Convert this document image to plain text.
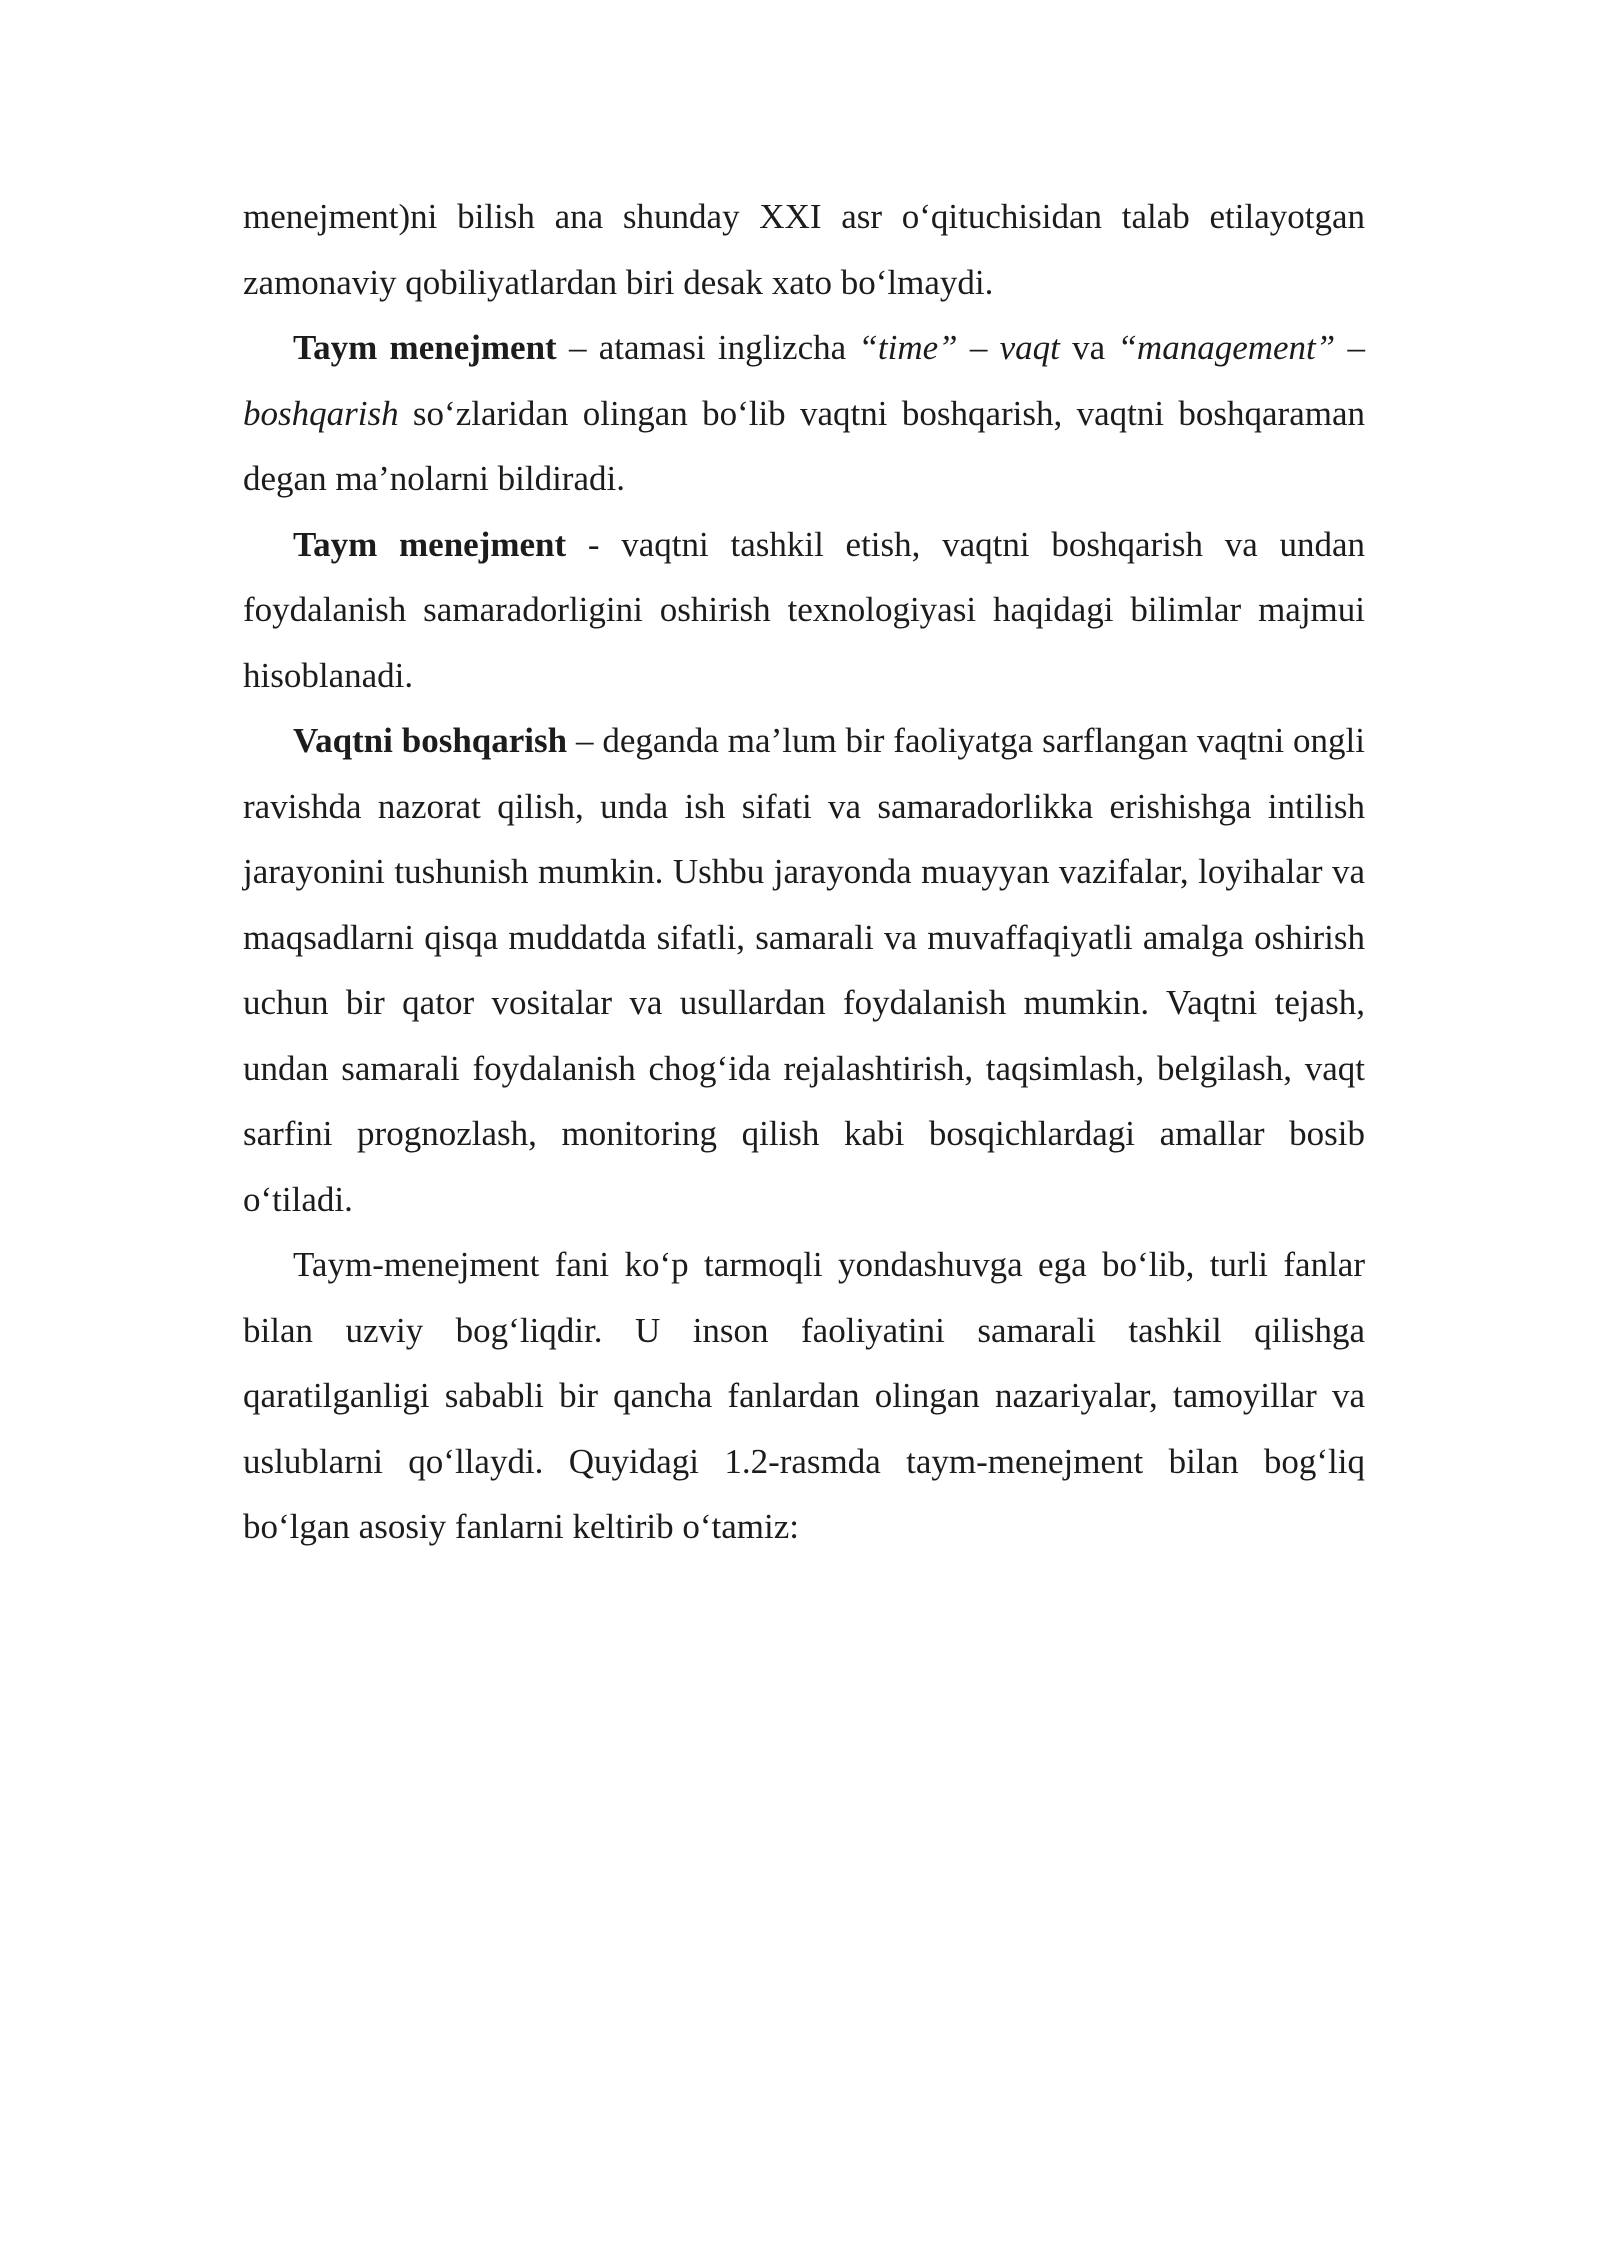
menejment)ni bilish ana shunday XXI asr o‘qituchisidan talab etilayotgan zamonaviy qobiliyatlardan biri desak xato bo‘lmaydi.

Taym menejment – atamasi inglizcha “time” – vaqt va “management” – boshqarish so‘zlaridan olingan bo‘lib vaqtni boshqarish, vaqtni boshqaraman degan ma’nolarni bildiradi.

Taym menejment - vaqtni tashkil etish, vaqtni boshqarish va undan foydalanish samaradorligini oshirish texnologiyasi haqidagi bilimlar majmui hisoblanadi.

Vaqtni boshqarish – deganda ma’lum bir faoliyatga sarflangan vaqtni ongli ravishda nazorat qilish, unda ish sifati va samaradorlikka erishishga intilish jarayonini tushunish mumkin. Ushbu jarayonda muayyan vazifalar, loyihalar va maqsadlarni qisqa muddatda sifatli, samarali va muvaffaqiyatli amalga oshirish uchun bir qator vositalar va usullardan foydalanish mumkin. Vaqtni tejash, undan samarali foydalanish chog‘ida rejalashtirish, taqsimlash, belgilash, vaqt sarfini prognozlash, monitoring qilish kabi bosqichlardagi amallar bosib o‘tiladi.

Taym-menejment fani ko‘p tarmoqli yondashuvga ega bo‘lib, turli fanlar bilan uzviy bog‘liqdir. U inson faoliyatini samarali tashkil qilishga qaratilganligi sababli bir qancha fanlardan olingan nazariyalar, tamoyillar va uslublarni qo‘llaydi. Quyidagi 1.2-rasmda taym-menejment bilan bog‘liq bo‘lgan asosiy fanlarni keltirib o‘tamiz:
